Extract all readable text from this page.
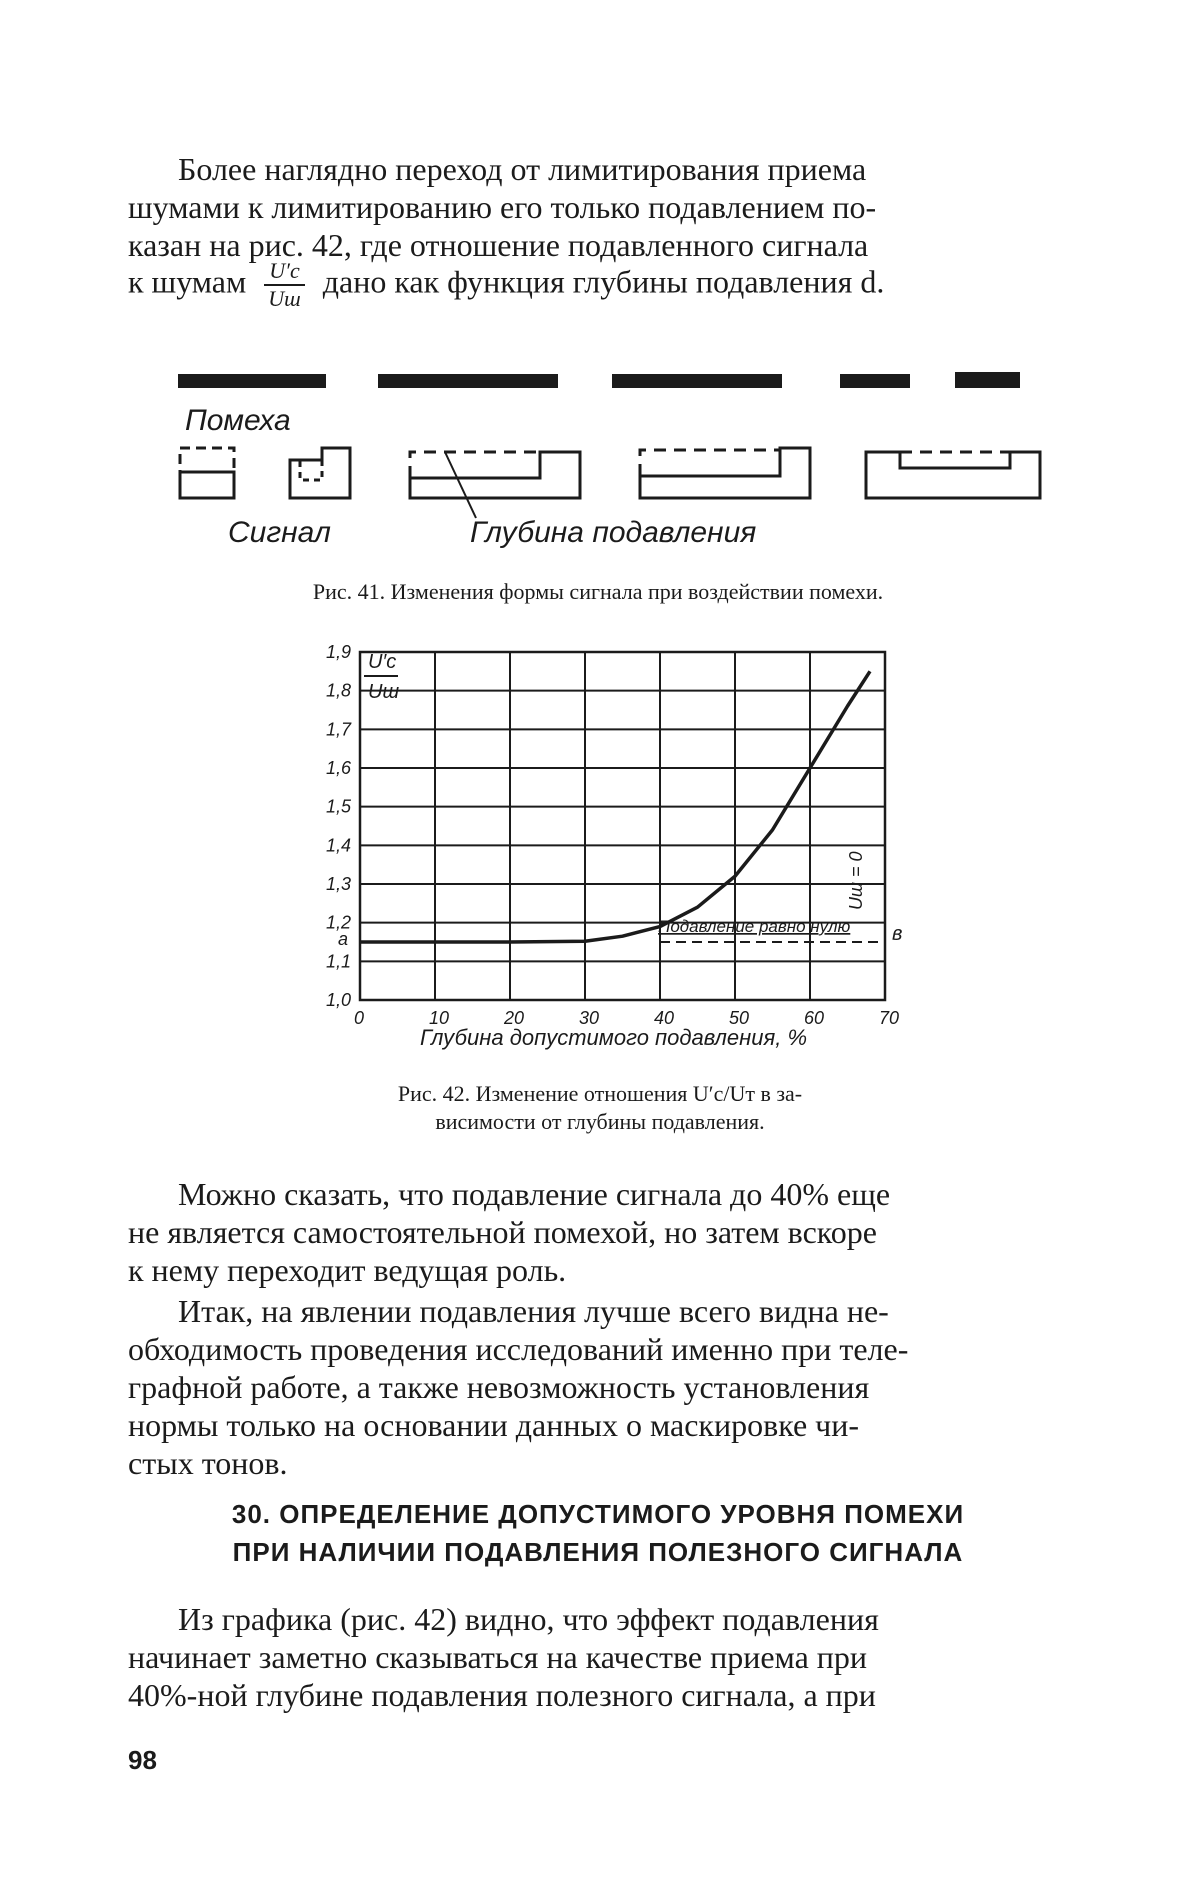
Более наглядно переход от лимитирования приема
шумами к лимитированию его только подавлением по-
казан на рис. 42, где отношение подавленного сигнала
к шумам $\frac{U'с}{Uш}$ дано как функция глубины подавления d.
Помеха
Сигнал	Глубина подавления
Рис. 41. Изменения формы сигнала при воздействии помехи.
0	10	20	30	40	50	60	70
1,0
1,1
1,2
1,3
1,4
1,5
1,6
1,7
1,8
1,9 U′с
Uш
Подавление равно нулю
Uш = 0
a	в
Глубина допустимого подавления, %
Рис. 42. Изменение отношения U′с/Uт в за-
висимости от глубины подавления.
Можно сказать, что подавление сигнала до 40% еще
не является самостоятельной помехой, но затем вскоре
к нему переходит ведущая роль.
Итак, на явлении подавления лучше всего видна не-
обходимость проведения исследований именно при теле-
графной работе, а также невозможность установления
нормы только на основании данных о маскировке чи-
стых тонов.
30. ОПРЕДЕЛЕНИЕ ДОПУСТИМОГО УРОВНЯ ПОМЕХИ
ПРИ НАЛИЧИИ ПОДАВЛЕНИЯ ПОЛЕЗНОГО СИГНАЛА
Из графика (рис. 42) видно, что эффект подавления
начинает заметно сказываться на качестве приема при
40%-ной глубине подавления полезного сигнала, а при
98
